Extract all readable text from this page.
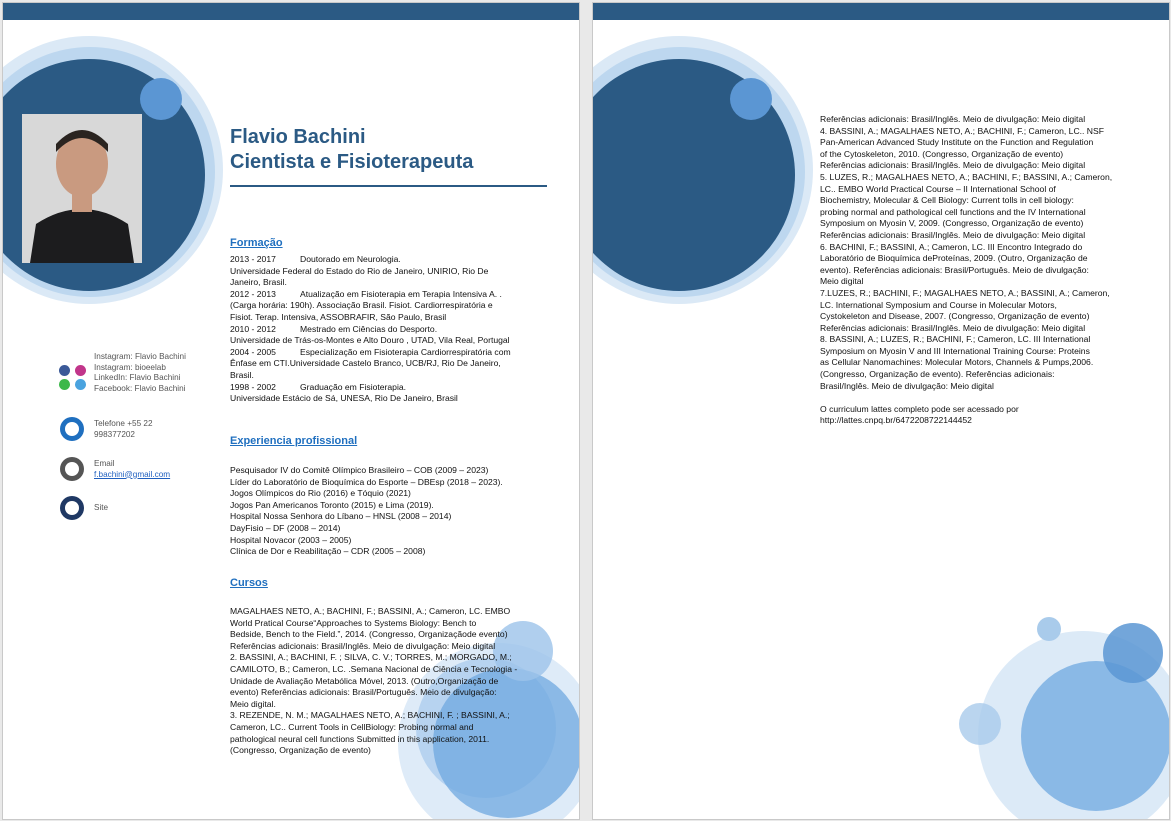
Flavio Bachini
Cientista e Fisioterapeuta
Formação
2013 - 2017	Doutorado em Neurologia.
Universidade Federal do Estado do Rio de Janeiro, UNIRIO, Rio De
Janeiro, Brasil.
2012 - 2013	Atualização em Fisioterapia em Terapia Intensiva A. .
(Carga horária: 190h). Associação Brasil. Fisiot. Cardiorrespiratória e
Fisiot. Terap. Intensiva, ASSOBRAFIR, São Paulo, Brasil
2010 - 2012	Mestrado em Ciências do Desporto.
Universidade de Trás-os-Montes e Alto Douro , UTAD, Vila Real, Portugal
2004 - 2005	Especialização em Fisioterapia Cardiorrespiratória com
Ênfase em CTI.Universidade Castelo Branco, UCB/RJ, Rio De Janeiro,
Brasil.
1998 - 2002	Graduação em Fisioterapia.
Universidade Estácio de Sá, UNESA, Rio De Janeiro, Brasil
Instagram: Flavio Bachini
Instagram: bioeelab
LinkedIn: Flavio Bachini
Facebook: Flavio Bachini
Telefone +55 22
998377202
Email
f.bachini@gmail.com
Site
Experiencia profissional
Pesquisador IV do Comitê Olímpico Brasileiro – COB (2009 – 2023)
Líder do Laboratório de Bioquímica do Esporte – DBEsp (2018 – 2023).
Jogos Olímpicos do Rio (2016) e Tóquio (2021)
Jogos Pan Americanos Toronto (2015) e Lima (2019).
Hospital Nossa Senhora do Líbano – HNSL (2008 – 2014)
DayFisio – DF (2008 – 2014)
Hospital Novacor (2003 – 2005)
Clínica de Dor e Reabilitação – CDR (2005 – 2008)
Cursos
MAGALHAES NETO, A.; BACHINI, F.; BASSINI, A.; Cameron, LC. EMBO
World Pratical Course“Approaches to Systems Biology: Bench to
Bedside, Bench to the Field.”, 2014. (Congresso, Organizaçãode evento)
Referências adicionais: Brasil/Inglês. Meio de divulgação: Meio digital
2. BASSINI, A.; BACHINI, F. ; SILVA, C. V.; TORRES, M.; MORGADO, M.;
CAMILOTO, B.; Cameron, LC. .Semana Nacional de Ciência e Tecnologia -
Unidade de Avaliação Metabólica Móvel, 2013. (Outro,Organização de
evento) Referências adicionais: Brasil/Português. Meio de divulgação:
Meio digital.
3. REZENDE, N. M.; MAGALHAES NETO, A.; BACHINI, F. ; BASSINI, A.;
Cameron, LC.. Current Tools in CellBiology: Probing normal and
pathological neural cell functions Submitted in this application, 2011.
(Congresso, Organização de evento)
Referências adicionais: Brasil/Inglês. Meio de divulgação: Meio digital
4. BASSINI, A.; MAGALHAES NETO, A.; BACHINI, F.; Cameron, LC.. NSF
Pan-American Advanced Study Institute on the Function and Regulation
of the Cytoskeleton, 2010. (Congresso, Organização de evento)
Referências adicionais: Brasil/Inglês. Meio de divulgação: Meio digital
5. LUZES, R.; MAGALHAES NETO, A.; BACHINI, F.; BASSINI, A.; Cameron,
LC.. EMBO World Practical Course – II International School of
Biochemistry, Molecular & Cell Biology: Current tolls in cell biology:
probing normal and pathological cell functions and the IV International
Symposium on Myosin V, 2009. (Congresso, Organização de evento)
Referências adicionais: Brasil/Inglês. Meio de divulgação: Meio digital
6. BACHINI, F.; BASSINI, A.; Cameron, LC. III Encontro Integrado do
Laboratório de Bioquímica deProteínas, 2009. (Outro, Organização de
evento). Referências adicionais: Brasil/Português. Meio de divulgação:
Meio digital
7.LUZES, R.; BACHINI, F.; MAGALHAES NETO, A.; BASSINI, A.; Cameron,
LC. International Symposium and Course in Molecular Motors,
Cystokeleton and Disease, 2007. (Congresso, Organização de evento)
Referências adicionais: Brasil/Inglês. Meio de divulgação: Meio digital
8. BASSINI, A.; LUZES, R.; BACHINI, F.; Cameron, LC. III International
Symposium on Myosin V and III International Training Course: Proteins
as Cellular Nanomachines: Molecular Motors, Channels & Pumps,2006.
(Congresso, Organização de evento). Referências adicionais:
Brasil/Inglês. Meio de divulgação: Meio digital
O curriculum lattes completo pode ser acessado por
http://lattes.cnpq.br/6472208722144452
